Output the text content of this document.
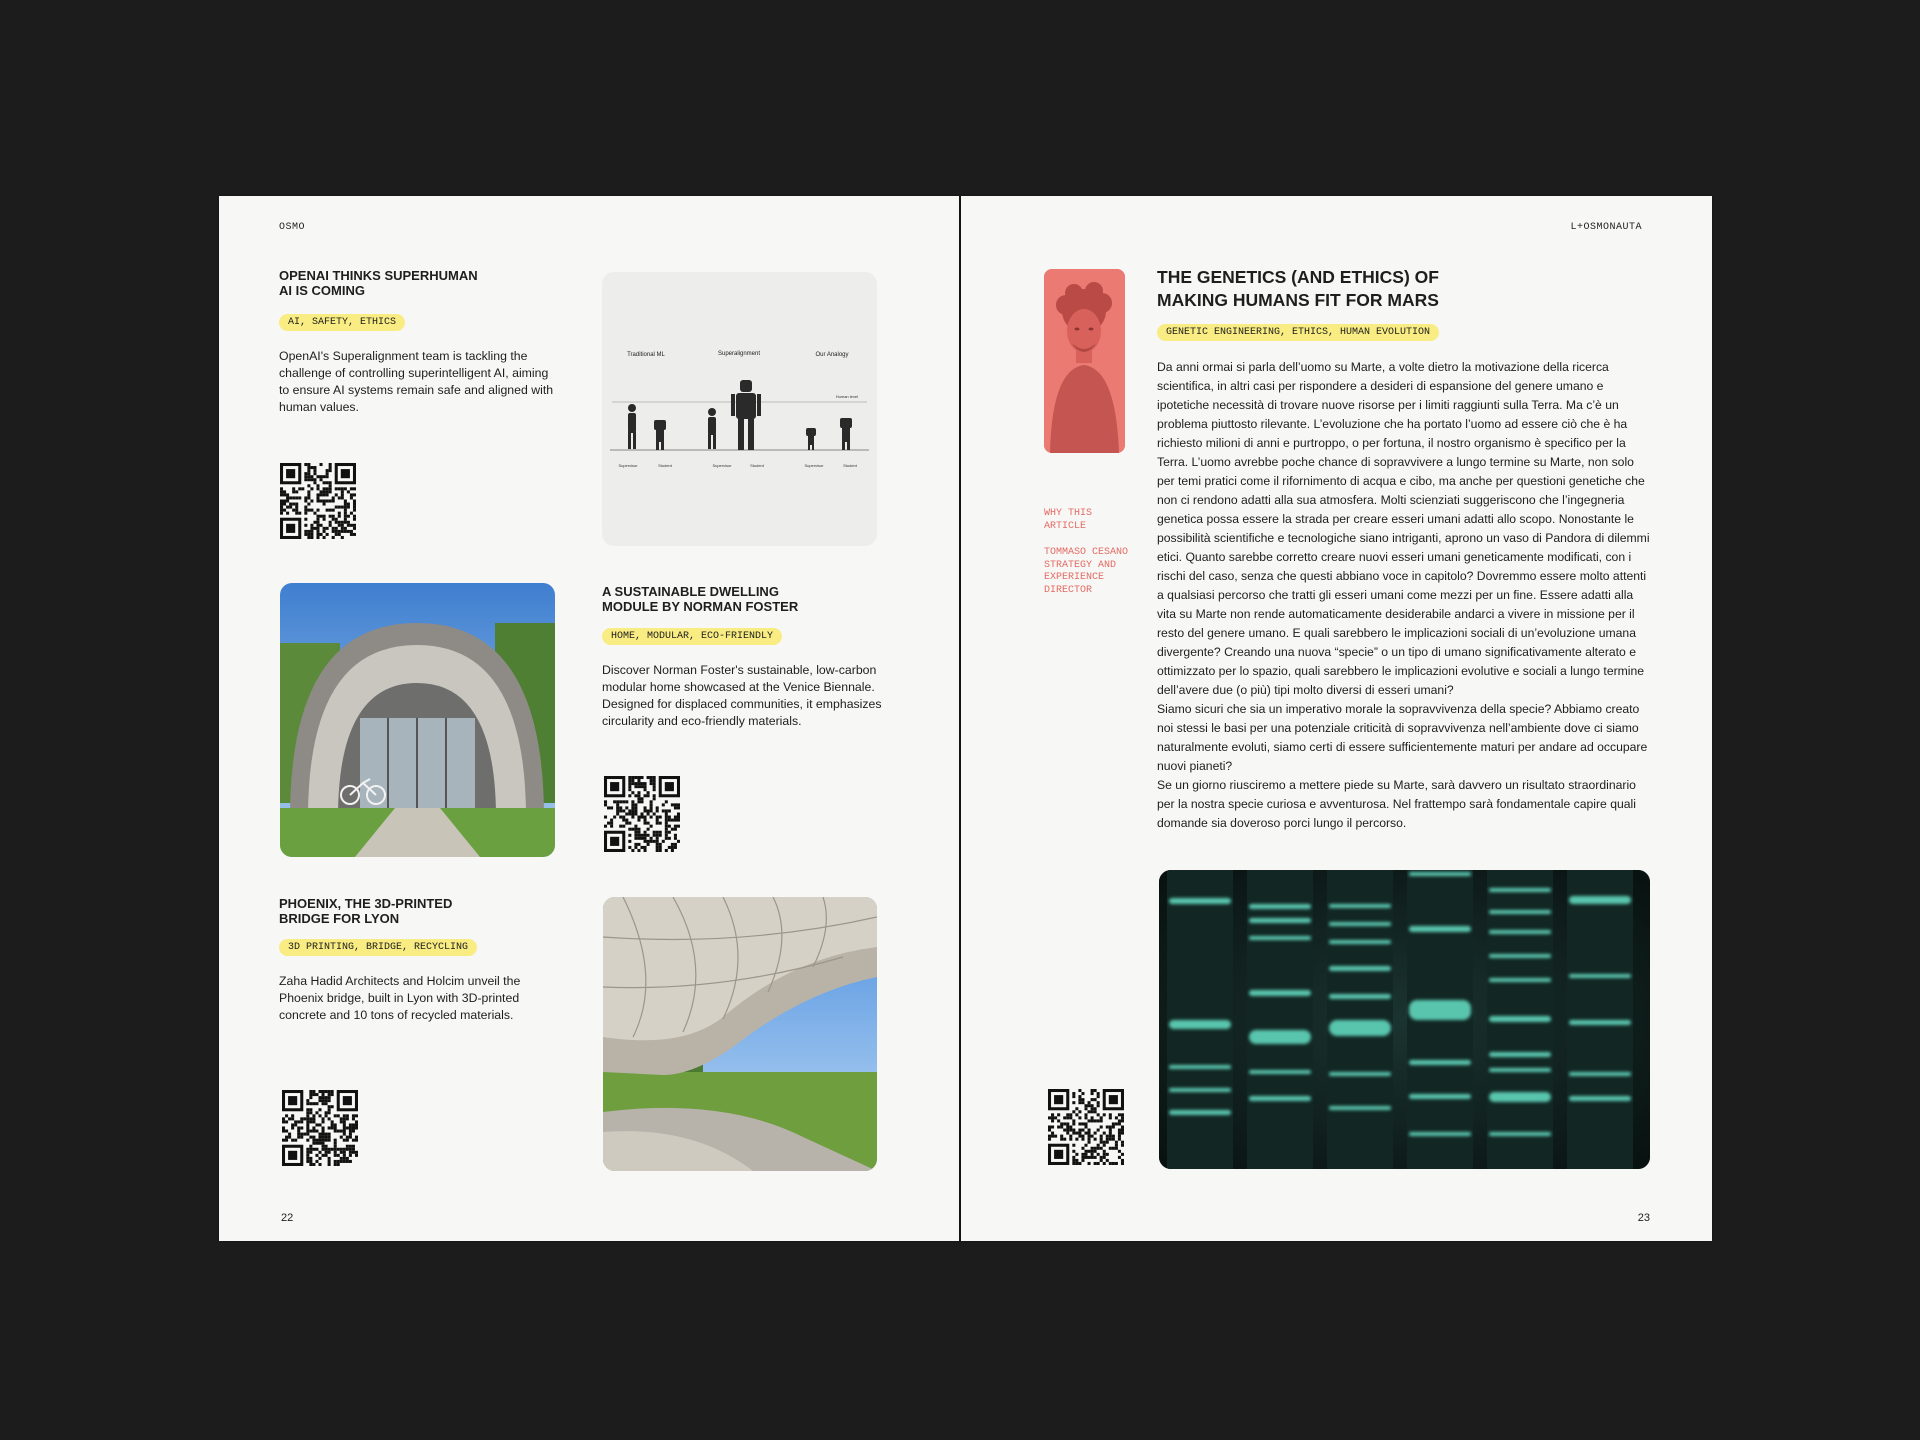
OSMO
OPENAI THINKS SUPERHUMAN AI IS COMING
AI, SAFETY, ETHICS

OpenAI's Superalignment team is tackling the challenge of controlling superintelligent AI, aiming to ensure AI systems remain safe and aligned with human values.

Traditional ML	Superalignment	Our Analogy
Human level
Supervisor	Student	Supervisor	Student	Supervisor	Student
A SUSTAINABLE DWELLING MODULE BY NORMAN FOSTER
HOME, MODULAR, ECO-FRIENDLY

Discover Norman Foster's sustainable, low-carbon modular home showcased at the Venice Biennale. Designed for displaced communities, it emphasizes circularity and eco-friendly materials.

PHOENIX, THE 3D-PRINTED BRIDGE FOR LYON
3D PRINTING, BRIDGE, RECYCLING

Zaha Hadid Architects and Holcim unveil the Phoenix bridge, built in Lyon with 3D-printed concrete and 10 tons of recycled materials.

22
L+OSMONAUTA
WHY THIS ARTICLE
TOMMASO CESANO STRATEGY AND EXPERIENCE DIRECTOR
THE GENETICS (AND ETHICS) OF MAKING HUMANS FIT FOR MARS
GENETIC ENGINEERING, ETHICS, HUMAN EVOLUTION

Da anni ormai si parla dell’uomo su Marte, a volte dietro la motivazione della ricerca scientifica, in altri casi per rispondere a desideri di espansione del genere umano e ipotetiche necessità di trovare nuove risorse per i limiti raggiunti sulla Terra. Ma c’è un problema piuttosto rilevante. L’evoluzione che ha portato l’uomo ad essere ciò che è ha richiesto milioni di anni e purtroppo, o per fortuna, il nostro organismo è specifico per la Terra. L’uomo avrebbe poche chance di sopravvivere a lungo termine su Marte, non solo per temi pratici come il rifornimento di acqua e cibo, ma anche per questioni genetiche che non ci rendono adatti alla sua atmosfera. Molti scienziati suggeriscono che l’ingegneria genetica possa essere la strada per creare esseri umani adatti allo scopo. Nonostante le possibilità scientifiche e tecnologiche siano intriganti, aprono un vaso di Pandora di dilemmi etici. Quanto sarebbe corretto creare nuovi esseri umani geneticamente modificati, con i rischi del caso, senza che questi abbiano voce in capitolo? Dovremmo essere molto attenti a qualsiasi percorso che tratti gli esseri umani come mezzi per un fine. Essere adatti alla vita su Marte non rende automaticamente desiderabile andarci a vivere in missione per il resto del genere umano. E quali sarebbero le implicazioni sociali di un’evoluzione umana divergente? Creando una nuova “specie” o un tipo di umano significativamente alterato e ottimizzato per lo spazio, quali sarebbero le implicazioni evolutive e sociali a lungo termine dell’avere due (o più) tipi molto diversi di esseri umani?
Siamo sicuri che sia un imperativo morale la sopravvivenza della specie? Abbiamo creato noi stessi le basi per una potenziale criticità di sopravvivenza nell’ambiente dove ci siamo naturalmente evoluti, siamo certi di essere sufficientemente maturi per andare ad occupare nuovi pianeti?
Se un giorno riusciremo a mettere piede su Marte, sarà davvero un risultato straordinario per la nostra specie curiosa e avventurosa. Nel frattempo sarà fondamentale capire quali domande sia doveroso porci lungo il percorso.

23
